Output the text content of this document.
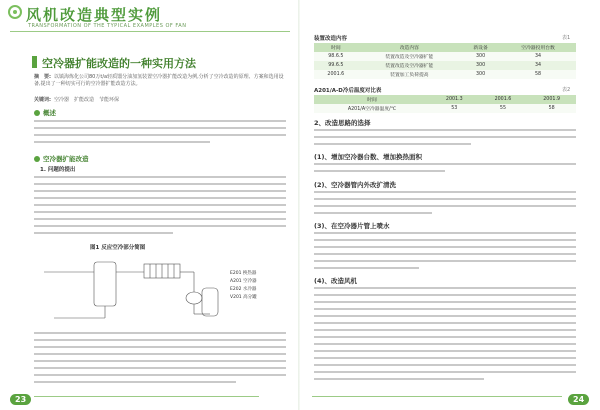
风机改造典型实例
TRANSFORMATION OF THE TYPICAL EXAMPLES OF FAN
空冷器扩能改造的一种实用方法
摘　要: 以镇海炼化公司80万t/a轻质馏分油加氢装置空冷器扩能改造为例,分析了空冷改造的原理、方案和选用设备,提出了一种切实可行的空冷器扩能改造方法。
关键词: 空冷器　扩能改造　节能环保
概述
空冷器扩能改造
1. 问题的提出
图1 反应空冷部分简图
E201 换热器
A201 空冷器
E202 水冷器
V201 高分罐
23
装置改造内容	表1
时间	改造内容	新设备	空冷器投用台数
98.6.5	装置改造及空冷器扩能	300	34
99.6.5	装置改造及空冷器扩能	300	34
2001.6	装置加工负荷提高	300	58
A201/A-D冷后温度对比表	表2
时间	2001.3	2001.6	2001.9
A201/A空冷器温度/℃	53	55	58
2、改造思路的选择
(1)、增加空冷器台数、增加换热面积
(2)、空冷器管内外改扩清洗
(3)、在空冷器片管上喷水
(4)、改造风机
24
